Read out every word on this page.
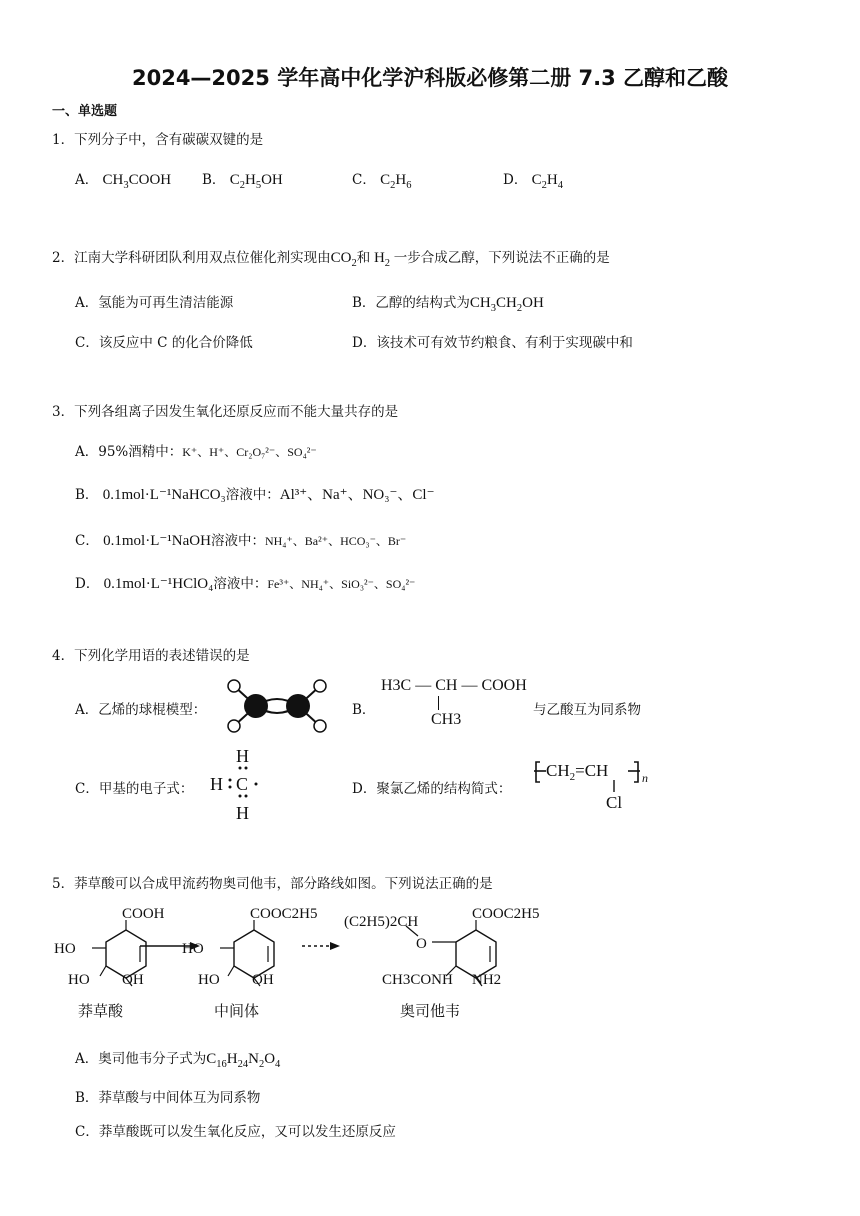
2024—2025 学年高中化学沪科版必修第二册 7.3 乙醇和乙酸
一、单选题
1．下列分子中，含有碳碳双键的是
A． $CH_3COOH$ B． $C_2H_5OH$	C． $C_2H_6$	D． $C_2H_4$
2．江南大学科研团队利用双点位催化剂实现由$CO_2$和 $H_2$ 一步合成乙醇，下列说法不正确的是
A．氢能为可再生清洁能源	B．乙醇的结构式为$CH_3CH_2OH$
C．该反应中 C 的化合价降低	D．该技术可有效节约粮食、有利于实现碳中和
3．下列各组离子因发生氧化还原反应而不能大量共存的是
A．95%酒精中：K⁺、H⁺、Cr₂O₇²⁻、SO₄²⁻
B． 0.1mol·L⁻¹NaHCO₃溶液中：Al³⁺、Na⁺、NO₃⁻、Cl⁻
C． 0.1mol·L⁻¹NaOH溶液中：NH₄⁺、Ba²⁺、HCO₃⁻、Br⁻
D． 0.1mol·L⁻¹HClO₄溶液中：Fe³⁺、NH₄⁺、SiO₃²⁻、SO₄²⁻
4．下列化学用语的表述错误的是
A．乙烯的球棍模型：	B．
H3C — CH — COOH
CH3
与乙酸互为同系物
C．甲基的电子式：
H
H C
H
D．聚氯乙烯的结构简式：
$CH_2=CH$	n
Cl
5．莽草酸可以合成甲流药物奥司他韦，部分路线如图。下列说法正确的是
COOH
HO
HO OH
COOC2H5
HO
HO OH
COOC2H5
(C2H5)2CH
O
CH3CONH NH2
莽草酸	中间体	奥司他韦
A．奥司他韦分子式为$C_{16}H_{24}N_2O_4$
B．莽草酸与中间体互为同系物
C．莽草酸既可以发生氧化反应，又可以发生还原反应
